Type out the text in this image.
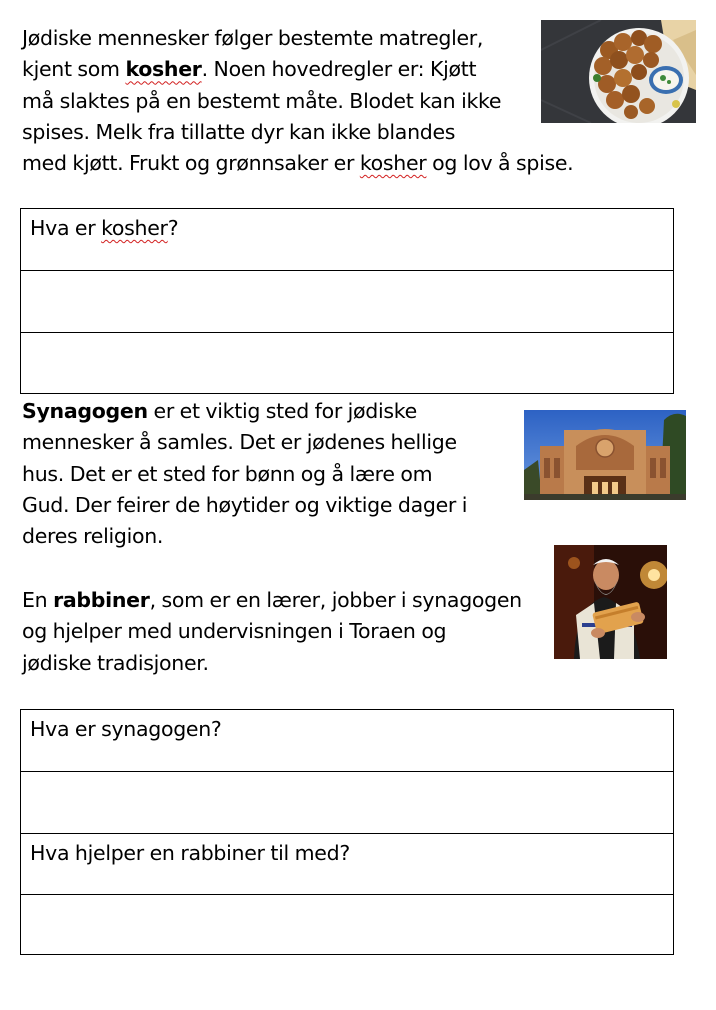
Jødiske mennesker følger bestemte matregler,
kjent som kosher. Noen hovedregler er: Kjøtt
må slaktes på en bestemt måte. Blodet kan ikke
spises. Melk fra tillatte dyr kan ikke blandes
med kjøtt. Frukt og grønnsaker er kosher og lov å spise.
Hva er kosher?
Synagogen er et viktig sted for jødiske
mennesker å samles. Det er jødenes hellige
hus. Det er et sted for bønn og å lære om
Gud. Der feirer de høytider og viktige dager i
deres religion.
En rabbiner, som er en lærer, jobber i synagogen
og hjelper med undervisningen i Toraen og
jødiske tradisjoner.
Hva er synagogen?
Hva hjelper en rabbiner til med?
